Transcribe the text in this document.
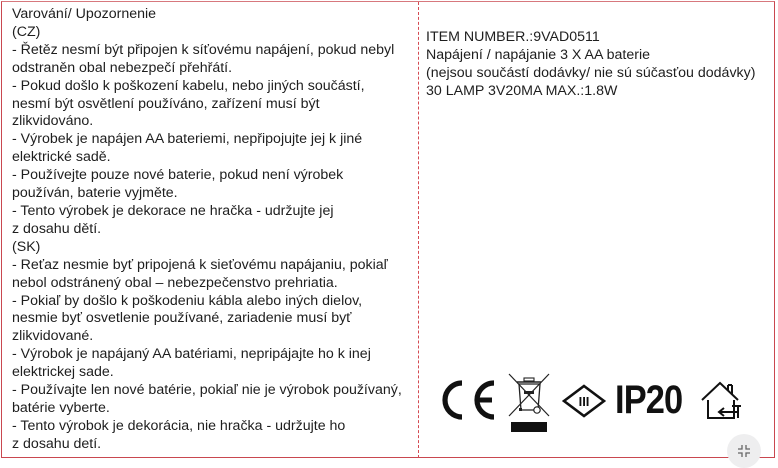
Varování/ Upozornenie
(CZ)
- Řetěz nesmí být připojen k síťovému napájení, pokud nebyl
odstraněn obal nebezpečí přehřátí.
- Pokud došlo k poškození kabelu, nebo jiných součástí,
nesmí být osvětlení používáno, zařízení musí být
zlikvidováno.
- Výrobek je napájen AA bateriemi, nepřipojujte jej k jiné
elektrické sadě.
- Používejte pouze nové baterie, pokud není výrobek
používán, baterie vyjměte.
- Tento výrobek je dekorace ne hračka - udržujte jej
z dosahu dětí.
(SK)
- Reťaz nesmie byť pripojená k sieťovému napájaniu, pokiaľ
nebol odstránený obal – nebezpečenstvo prehriatia.
- Pokiaľ by došlo k poškodeniu kábla alebo iných dielov,
nesmie byť osvetlenie používané, zariadenie musí byť
zlikvidované.
- Výrobok je napájaný AA batériami, nepripájajte ho k inej
elektrickej sade.
- Používajte len nové batérie, pokiaľ nie je výrobok používaný,
batérie vyberte.
- Tento výrobok je dekorácia, nie hračka - udržujte ho
z dosahu detí.
ITEM NUMBER.:9VAD0511
Napájení / napájanie 3 X AA baterie
(nejsou součástí dodávky/ nie sú súčasťou dodávky)
30 LAMP 3V20MA MAX.:1.8W
III IP20
